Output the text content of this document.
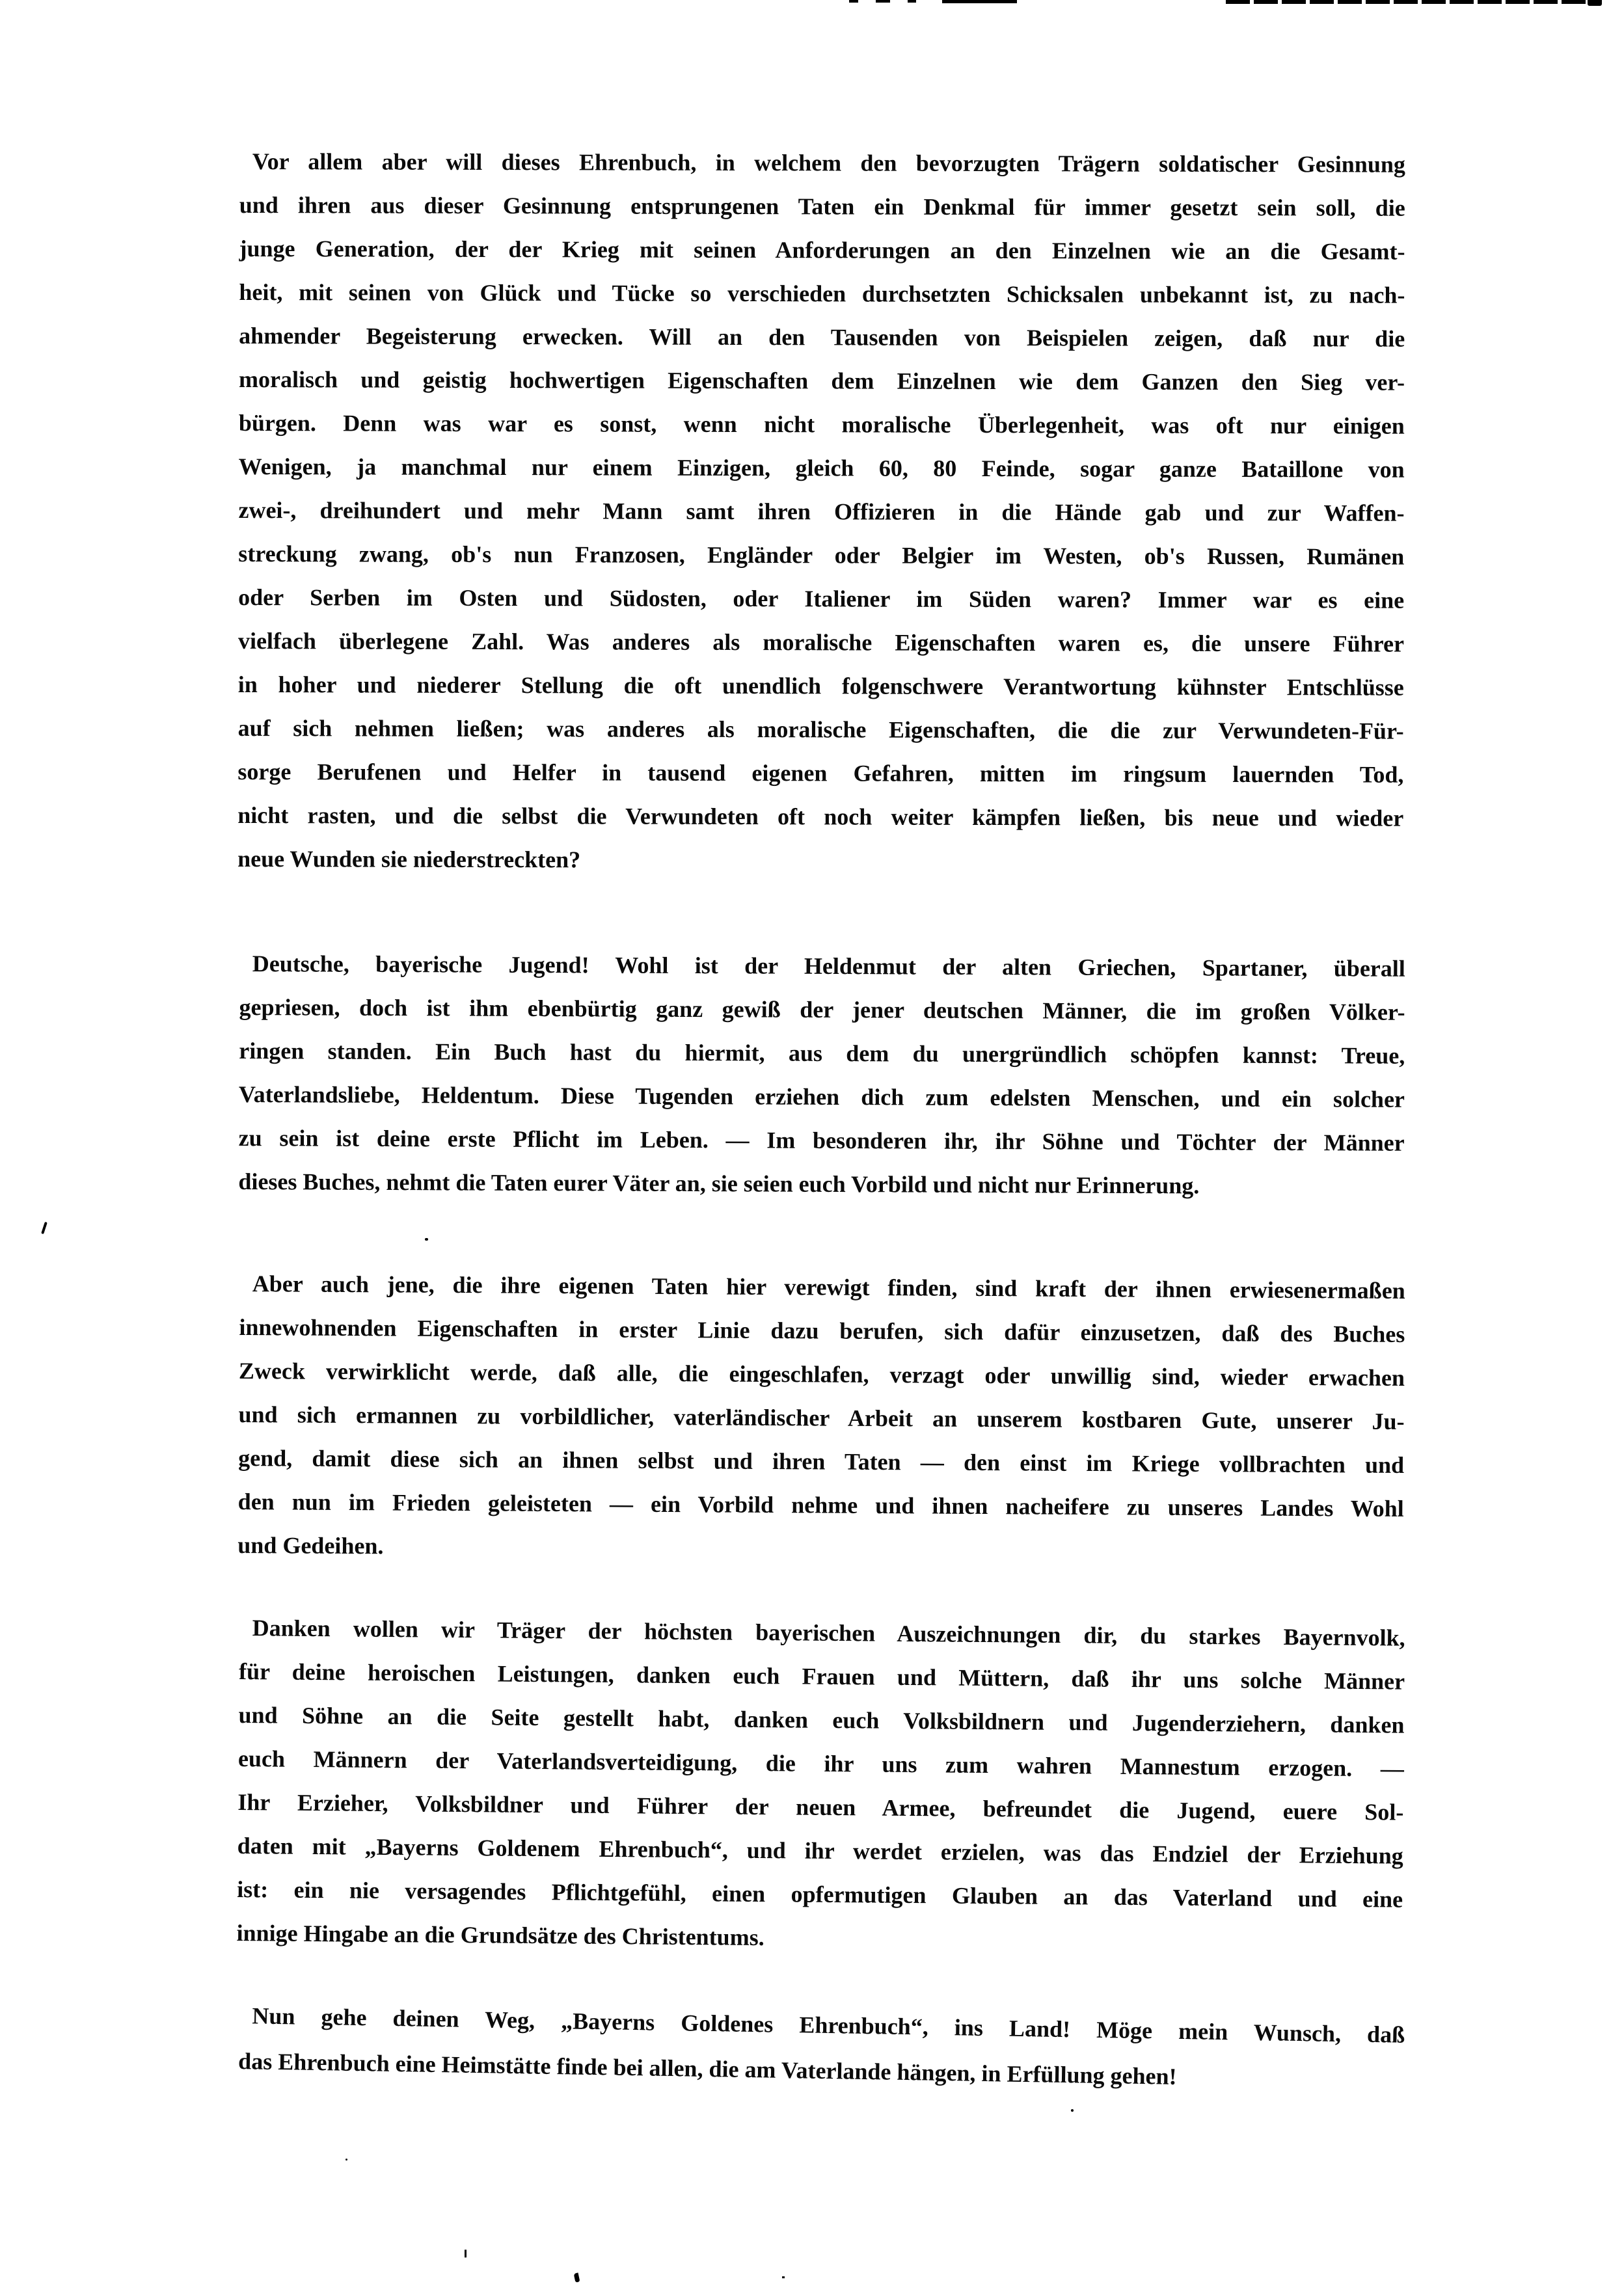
Vor allem aber will dieses Ehrenbuch, in welchem den bevorzugten Trägern soldatischer Gesinnung
und ihren aus dieser Gesinnung entsprungenen Taten ein Denkmal für immer gesetzt sein soll, die
junge Generation, der der Krieg mit seinen Anforderungen an den Einzelnen wie an die Gesamt-
heit, mit seinen von Glück und Tücke so verschieden durchsetzten Schicksalen unbekannt ist, zu nach-
ahmender Begeisterung erwecken. Will an den Tausenden von Beispielen zeigen, daß nur die
moralisch und geistig hochwertigen Eigenschaften dem Einzelnen wie dem Ganzen den Sieg ver-
bürgen. Denn was war es sonst, wenn nicht moralische Überlegenheit, was oft nur einigen
Wenigen, ja manchmal nur einem Einzigen, gleich 60, 80 Feinde, sogar ganze Bataillone von
zwei-, dreihundert und mehr Mann samt ihren Offizieren in die Hände gab und zur Waffen-
streckung zwang, ob's nun Franzosen, Engländer oder Belgier im Westen, ob's Russen, Rumänen
oder Serben im Osten und Südosten, oder Italiener im Süden waren? Immer war es eine
vielfach überlegene Zahl. Was anderes als moralische Eigenschaften waren es, die unsere Führer
in hoher und niederer Stellung die oft unendlich folgenschwere Verantwortung kühnster Entschlüsse
auf sich nehmen ließen; was anderes als moralische Eigenschaften, die die zur Verwundeten-Für-
sorge Berufenen und Helfer in tausend eigenen Gefahren, mitten im ringsum lauernden Tod,
nicht rasten, und die selbst die Verwundeten oft noch weiter kämpfen ließen, bis neue und wieder
neue Wunden sie niederstreckten?
Deutsche, bayerische Jugend! Wohl ist der Heldenmut der alten Griechen, Spartaner, überall
gepriesen, doch ist ihm ebenbürtig ganz gewiß der jener deutschen Männer, die im großen Völker-
ringen standen. Ein Buch hast du hiermit, aus dem du unergründlich schöpfen kannst: Treue,
Vaterlandsliebe, Heldentum. Diese Tugenden erziehen dich zum edelsten Menschen, und ein solcher
zu sein ist deine erste Pflicht im Leben. — Im besonderen ihr, ihr Söhne und Töchter der Männer
dieses Buches, nehmt die Taten eurer Väter an, sie seien euch Vorbild und nicht nur Erinnerung.
Aber auch jene, die ihre eigenen Taten hier verewigt finden, sind kraft der ihnen erwiesenermaßen
innewohnenden Eigenschaften in erster Linie dazu berufen, sich dafür einzusetzen, daß des Buches
Zweck verwirklicht werde, daß alle, die eingeschlafen, verzagt oder unwillig sind, wieder erwachen
und sich ermannen zu vorbildlicher, vaterländischer Arbeit an unserem kostbaren Gute, unserer Ju-
gend, damit diese sich an ihnen selbst und ihren Taten — den einst im Kriege vollbrachten und
den nun im Frieden geleisteten — ein Vorbild nehme und ihnen nacheifere zu unseres Landes Wohl
und Gedeihen.
Danken wollen wir Träger der höchsten bayerischen Auszeichnungen dir, du starkes Bayernvolk,
für deine heroischen Leistungen, danken euch Frauen und Müttern, daß ihr uns solche Männer
und Söhne an die Seite gestellt habt, danken euch Volksbildnern und Jugenderziehern, danken
euch Männern der Vaterlandsverteidigung, die ihr uns zum wahren Mannestum erzogen. —
Ihr Erzieher, Volksbildner und Führer der neuen Armee, befreundet die Jugend, euere Sol-
daten mit „Bayerns Goldenem Ehrenbuch“, und ihr werdet erzielen, was das Endziel der Erziehung
ist: ein nie versagendes Pflichtgefühl, einen opfermutigen Glauben an das Vaterland und eine
innige Hingabe an die Grundsätze des Christentums.
Nun gehe deinen Weg, „Bayerns Goldenes Ehrenbuch“, ins Land! Möge mein Wunsch, daß
das Ehrenbuch eine Heimstätte finde bei allen, die am Vaterlande hängen, in Erfüllung gehen!
